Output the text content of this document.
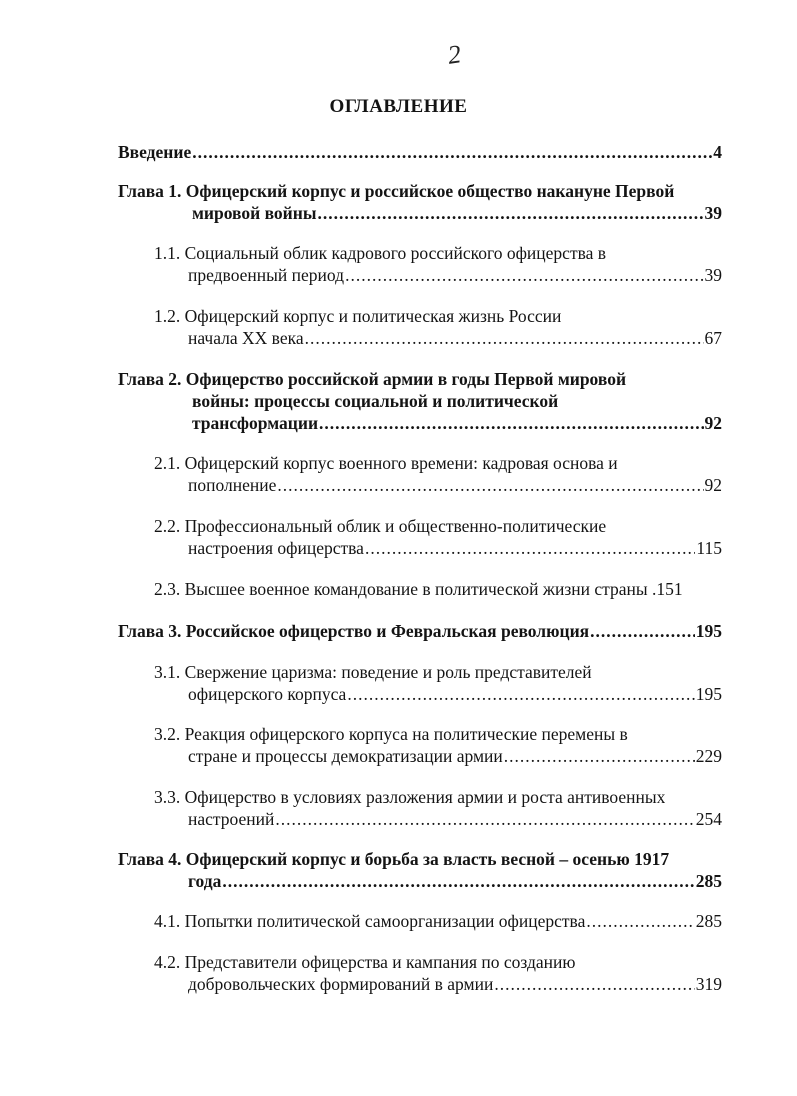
2
ОГЛАВЛЕНИЕ
Введение .....	4
Глава 1. Офицерский корпус и российское общество накануне Первой
мировой войны .....	39
1.1. Социальный облик кадрового российского офицерства в
предвоенный период .....	39
1.2. Офицерский корпус и политическая жизнь России
начала XX века .....	67
Глава 2. Офицерство российской армии в годы Первой мировой
войны: процессы социальной и политической
трансформации .....	92
2.1. Офицерский корпус военного времени: кадровая основа и
пополнение .....	92
2.2. Профессиональный облик и общественно-политические
настроения офицерства .....	115
2.3. Высшее военное командование в политической жизни страны .151
Глава 3. Российское офицерство и Февральская революция .....	195
3.1. Свержение царизма: поведение и роль представителей
офицерского корпуса .....	195
3.2. Реакция офицерского корпуса на политические перемены в
стране и процессы демократизации армии .....	229
3.3. Офицерство в условиях разложения армии и роста антивоенных
настроений .....	254
Глава 4. Офицерский корпус и борьба за власть весной – осенью 1917
года .....	285
4.1. Попытки политической самоорганизации офицерства .....	285
4.2. Представители офицерства и кампания по созданию
добровольческих формирований в армии .....	319
